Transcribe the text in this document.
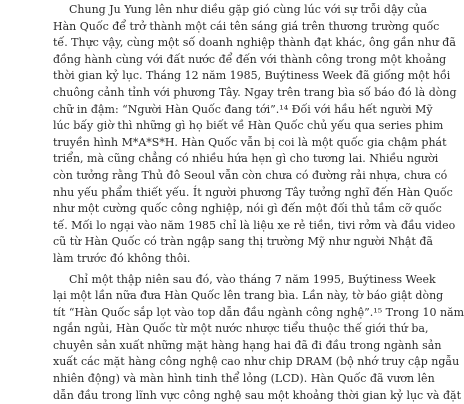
Chung Ju Yung lên như diều gặp gió cùng lúc với sự trỗi dậy của
Hàn Quốc để trở thành một cái tên sáng giá trên thương trường quốc
tế. Thực vậy, cùng một số doanh nghiệp thành đạt khác, ông gần như đã
đồng hành cùng với đất nước để đến với thành công trong một khoảng
thời gian kỷ lục. Tháng 12 năm 1985, Buýtiness Week đã giống một hồi
chuông cảnh tỉnh với phương Tây. Ngay trên trang bìa số báo đó là dòng
chữ in đậm: “Người Hàn Quốc đang tới”.¹⁴ Đối với hầu hết người Mỹ
lúc bấy giờ thì những gì họ biết về Hàn Quốc chủ yếu qua series phim
truyền hình M*A*S*H. Hàn Quốc vẫn bị coi là một quốc gia chậm phát
triển, mà cũng chẳng có nhiều hứa hẹn gì cho tương lai. Nhiều người
còn tưởng rằng Thủ đô Seoul vẫn còn chưa có đường rải nhựa, chưa có
nhu yếu phẩm thiết yếu. Ít người phương Tây tưởng nghĩ đến Hàn Quốc
như một cường quốc công nghiệp, nói gì đến một đối thủ tầm cỡ quốc
tế. Mối lo ngại vào năm 1985 chỉ là liệu xe rẻ tiền, tivi rởm và đầu video
cũ từ Hàn Quốc có tràn ngập sang thị trường Mỹ như người Nhật đã
làm trước đó không thôi.

Chỉ một thập niên sau đó, vào tháng 7 năm 1995, Buýtiness Week
lại một lần nữa đưa Hàn Quốc lên trang bìa. Lần này, tờ báo giật dòng
tít “Hàn Quốc sắp lọt vào top dẫn đầu ngành công nghệ”.¹⁵ Trong 10 năm
ngắn ngủi, Hàn Quốc từ một nước nhược tiểu thuộc thế giới thứ ba,
chuyên sản xuất những mặt hàng hạng hai đã đi đầu trong ngành sản
xuất các mặt hàng công nghệ cao như chip DRAM (bộ nhớ truy cập ngẫu
nhiên động) và màn hình tinh thể lỏng (LCD). Hàn Quốc đã vươn lên
dẫn đầu trong lĩnh vực công nghệ sau một khoảng thời gian kỷ lục và đặt
